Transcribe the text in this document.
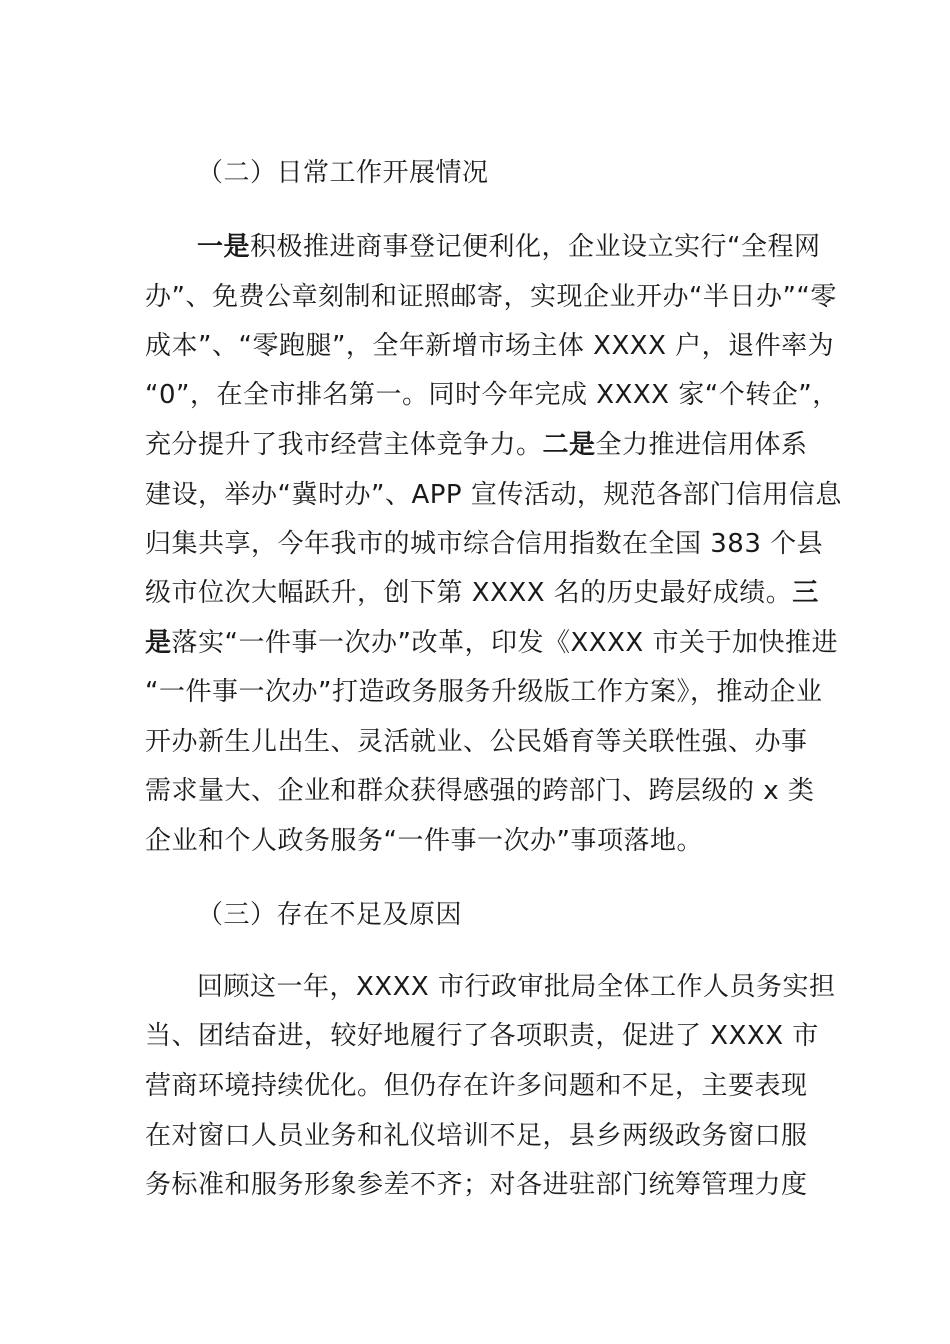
（二）日常工作开展情况
一是积极推进商事登记便利化，企业设立实行“全程网
办”、免费公章刻制和证照邮寄，实现企业开办“半日办”“零
成本”、“零跑腿”，全年新增市场主体 XXXX 户，退件率为
“0”，在全市排名第一。同时今年完成 XXXX 家“个转企”，
充分提升了我市经营主体竞争力。二是全力推进信用体系
建设，举办“冀时办”、APP 宣传活动，规范各部门信用信息
归集共享，今年我市的城市综合信用指数在全国 383 个县
级市位次大幅跃升，创下第 XXXX 名的历史最好成绩。三
是落实“一件事一次办”改革，印发《XXXX 市关于加快推进
“一件事一次办”打造政务服务升级版工作方案》，推动企业
开办新生儿出生、灵活就业、公民婚育等关联性强、办事
需求量大、企业和群众获得感强的跨部门、跨层级的 x 类
企业和个人政务服务“一件事一次办”事项落地。
（三）存在不足及原因
回顾这一年，XXXX 市行政审批局全体工作人员务实担
当、团结奋进，较好地履行了各项职责，促进了 XXXX 市
营商环境持续优化。但仍存在许多问题和不足，主要表现
在对窗口人员业务和礼仪培训不足，县乡两级政务窗口服
务标准和服务形象参差不齐；对各进驻部门统筹管理力度
